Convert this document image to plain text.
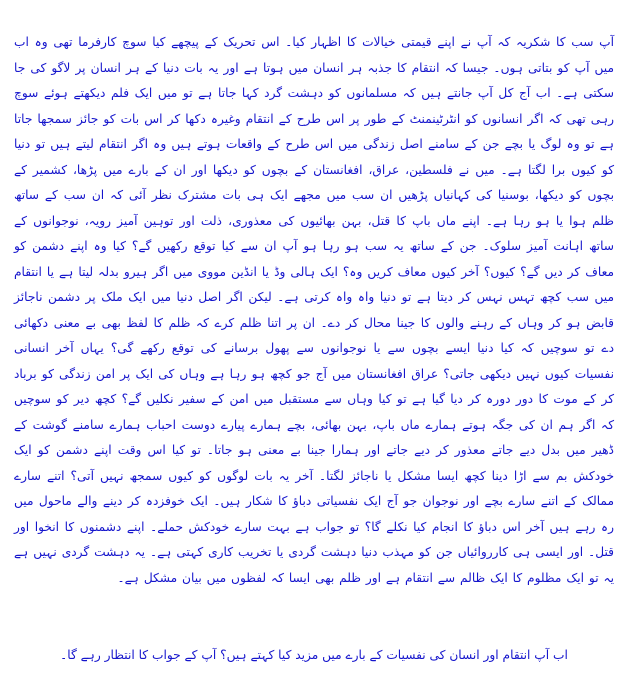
آپ سب کا شکریہ کہ آپ نے اپنے قیمتی خیالات کا اظہار کیا۔ اس تحریک کے پیچھے کیا سوچ کارفرما تھی وہ اب میں آپ کو بتاتی ہوں۔ جیسا کہ انتقام کا جذبہ ہر انسان میں ہوتا ہے اور یہ بات دنیا کے ہر انسان پر لاگو کی جا سکتی ہے۔ اب آج کل آپ جانتے ہیں کہ مسلمانوں کو دہشت گرد کہا جاتا ہے تو میں ایک فلم دیکھتے ہوئے سوچ رہی تھی کہ اگر انسانوں کو انٹرٹینمنٹ کے طور پر اس طرح کے انتقام وغیرہ دکھا کر اس بات کو جائز سمجھا جاتا ہے تو وہ لوگ یا بچے جن کے سامنے اصل زندگی میں اس طرح کے واقعات ہوتے ہیں وہ اگر انتقام لیتے ہیں تو دنیا کو کیوں برا لگتا ہے۔ میں نے فلسطین، عراق، افغانستان کے بچوں کو دیکھا اور ان کے بارے میں پڑھا، کشمیر کے بچوں کو دیکھا، بوسنیا کی کہانیاں پڑھیں ان سب میں مجھے ایک ہی بات مشترک نظر آئی کہ ان سب کے ساتھ ظلم ہوا یا ہو رہا ہے۔ اپنے ماں باپ کا قتل، بہن بھائیوں کی معذوری، ذلت اور توہین آمیز رویہ، نوجوانوں کے ساتھ اہانت آمیز سلوک۔ جن کے ساتھ یہ سب ہو رہا ہو آپ ان سے کیا توقع رکھیں گے؟ کیا وہ اپنے دشمن کو معاف کر دیں گے؟ کیوں؟ آخر کیوں معاف کریں وہ؟ ایک ہالی وڈ یا انڈین مووی میں اگر ہیرو بدلہ لیتا ہے یا انتقام میں سب کچھ تہس نہس کر دیتا ہے تو دنیا واہ واہ کرتی ہے۔ لیکن اگر اصل دنیا میں ایک ملک پر دشمن ناجائز قابض ہو کر وہاں کے رہنے والوں کا جینا محال کر دے۔ ان پر اتنا ظلم کرے کہ ظلم کا لفظ بھی بے معنی دکھائی دے تو سوچیں کہ کیا دنیا ایسے بچوں سے یا نوجوانوں سے پھول برسانے کی توقع رکھے گی؟ یہاں آخر انسانی نفسیات کیوں نہیں دیکھی جاتی؟ عراق افغانستان میں آج جو کچھ ہو رہا ہے وہاں کی ایک پر امن زندگی کو برباد کر کے موت کا دور دورہ کر دیا گیا ہے تو کیا وہاں سے مستقبل میں امن کے سفیر نکلیں گے؟ کچھ دیر کو سوچیں کہ اگر ہم ان کی جگہ ہوتے ہمارے ماں باپ، بہن بھائی، بچے ہمارے پیارے دوست احباب ہمارے سامنے گوشت کے ڈھیر میں بدل دیے جاتے معذور کر دیے جاتے اور ہمارا جینا بے معنی ہو جاتا۔ تو کیا اس وقت اپنے دشمن کو ایک خودکش بم سے اڑا دینا کچھ ایسا مشکل یا ناجائز لگتا۔ آخر یہ بات لوگوں کو کیوں سمجھ نہیں آتی؟ اتنے سارے ممالک کے اتنے سارے بچے اور نوجوان جو آج ایک نفسیاتی دباؤ کا شکار ہیں۔ ایک خوفزدہ کر دینے والے ماحول میں رہ رہے ہیں آخر اس دباؤ کا انجام کیا نکلے گا؟ تو جواب ہے بہت سارے خودکش حملے۔ اپنے دشمنوں کا انخوا اور قتل۔ اور ایسی ہی کارروائیاں جن کو مہذب دنیا دہشت گردی یا تخریب کاری کہتی ہے۔ یہ دہشت گردی نہیں ہے یہ تو ایک مظلوم کا ایک ظالم سے انتقام ہے اور ظلم بھی ایسا کہ لفظوں میں بیان مشکل ہے۔

اب آپ انتقام اور انسان کی نفسیات کے بارے میں مزید کیا کہتے ہیں؟ آپ کے جواب کا انتظار رہے گا۔
